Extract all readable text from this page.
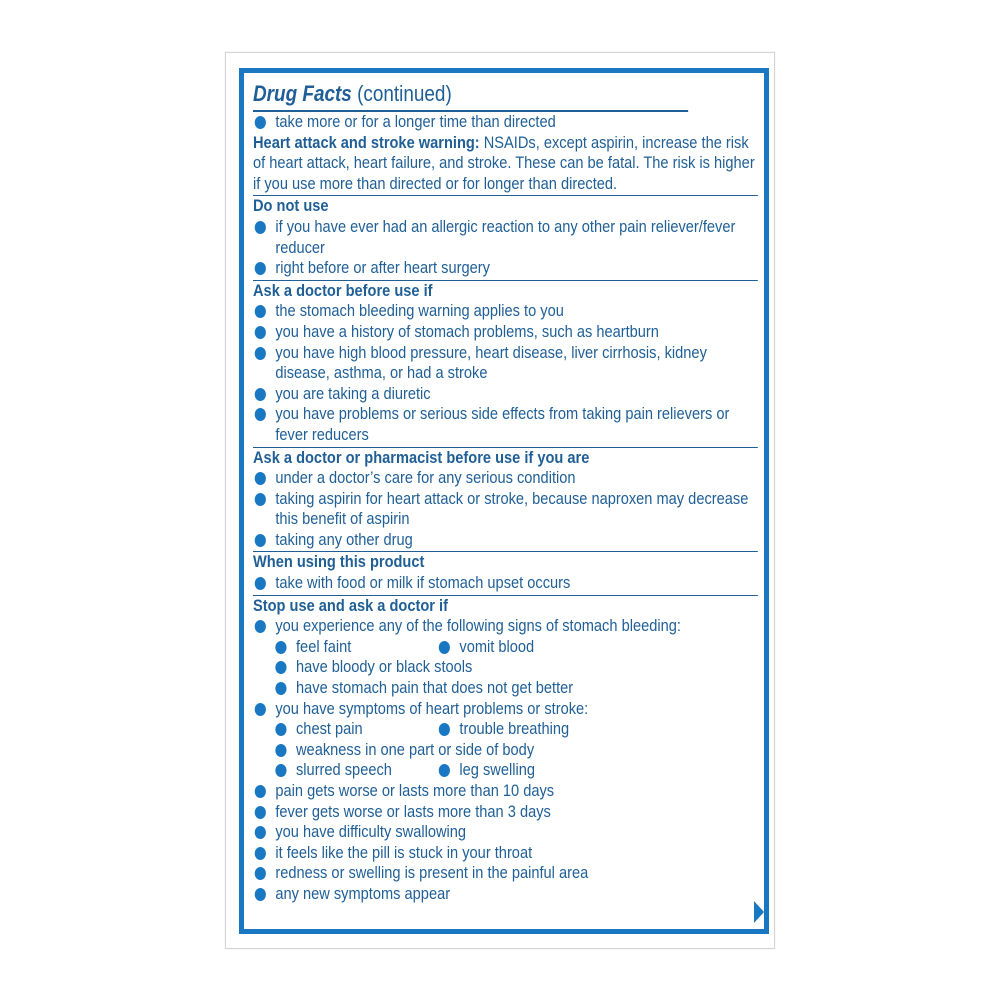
Drug Facts (continued)
take more or for a longer time than directed
Heart attack and stroke warning: NSAIDs, except aspirin, increase the risk of heart attack, heart failure, and stroke. These can be fatal. The risk is higher if you use more than directed or for longer than directed.
Do not use
if you have ever had an allergic reaction to any other pain reliever/fever reducer
right before or after heart surgery
Ask a doctor before use if
the stomach bleeding warning applies to you
you have a history of stomach problems, such as heartburn
you have high blood pressure, heart disease, liver cirrhosis, kidney disease, asthma, or had a stroke
you are taking a diuretic
you have problems or serious side effects from taking pain relievers or fever reducers
Ask a doctor or pharmacist before use if you are
under a doctor’s care for any serious condition
taking aspirin for heart attack or stroke, because naproxen may decrease this benefit of aspirin
taking any other drug
When using this product
take with food or milk if stomach upset occurs
Stop use and ask a doctor if
you experience any of the following signs of stomach bleeding:
feel faint	vomit blood
have bloody or black stools
have stomach pain that does not get better
you have symptoms of heart problems or stroke:
chest pain	trouble breathing
weakness in one part or side of body
slurred speech	leg swelling
pain gets worse or lasts more than 10 days
fever gets worse or lasts more than 3 days
you have difficulty swallowing
it feels like the pill is stuck in your throat
redness or swelling is present in the painful area
any new symptoms appear
